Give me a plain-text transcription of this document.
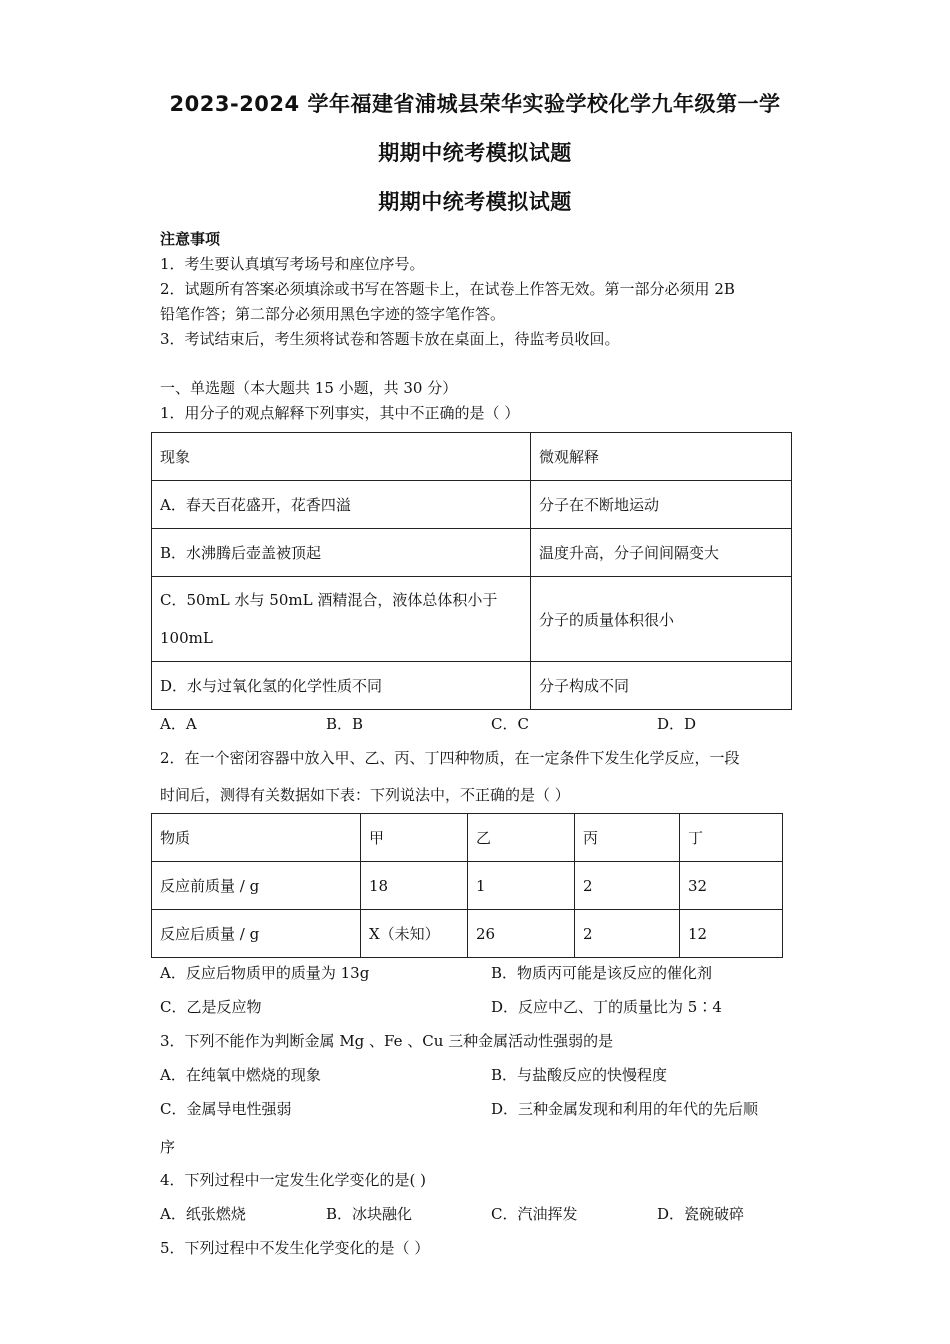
2023-2024 学年福建省浦城县荣华实验学校化学九年级第一学
期期中统考模拟试题
期期中统考模拟试题
注意事项
1．考生要认真填写考场号和座位序号。
2．试题所有答案必须填涂或书写在答题卡上，在试卷上作答无效。第一部分必须用 2B
铅笔作答；第二部分必须用黑色字迹的签字笔作答。
3．考试结束后，考生须将试卷和答题卡放在桌面上，待监考员收回。
一、单选题（本大题共 15 小题，共 30 分）
1．用分子的观点解释下列事实，其中不正确的是（ ）
现象	微观解释
A．春天百花盛开，花香四溢	分子在不断地运动
B．水沸腾后壶盖被顶起	温度升高，分子间间隔变大

C．50mL 水与 50mL 酒精混合，液体总体积小于
100mL	分子的质量体积很小
D．水与过氧化氢的化学性质不同	分子构成不同
A．A	B．B	C．C	D．D
2．在一个密闭容器中放入甲、乙、丙、丁四种物质，在一定条件下发生化学反应，一段
时间后，测得有关数据如下表：下列说法中，不正确的是（ ）
物质	甲	乙	丙	丁
反应前质量 / g	18	1	2	32
反应后质量 / g	X（未知）	26	2	12
A．反应后物质甲的质量为 13g	B．物质丙可能是该反应的催化剂
C．乙是反应物	D．反应中乙、丁的质量比为 5∶4
3．下列不能作为判断金属 Mg 、Fe 、Cu 三种金属活动性强弱的是
A．在纯氧中燃烧的现象	B．与盐酸反应的快慢程度
C．金属导电性强弱	D．三种金属发现和利用的年代的先后顺
序
4．下列过程中一定发生化学变化的是( )
A．纸张燃烧	B．冰块融化	C．汽油挥发	D．瓷碗破碎
5．下列过程中不发生化学变化的是（ ）
